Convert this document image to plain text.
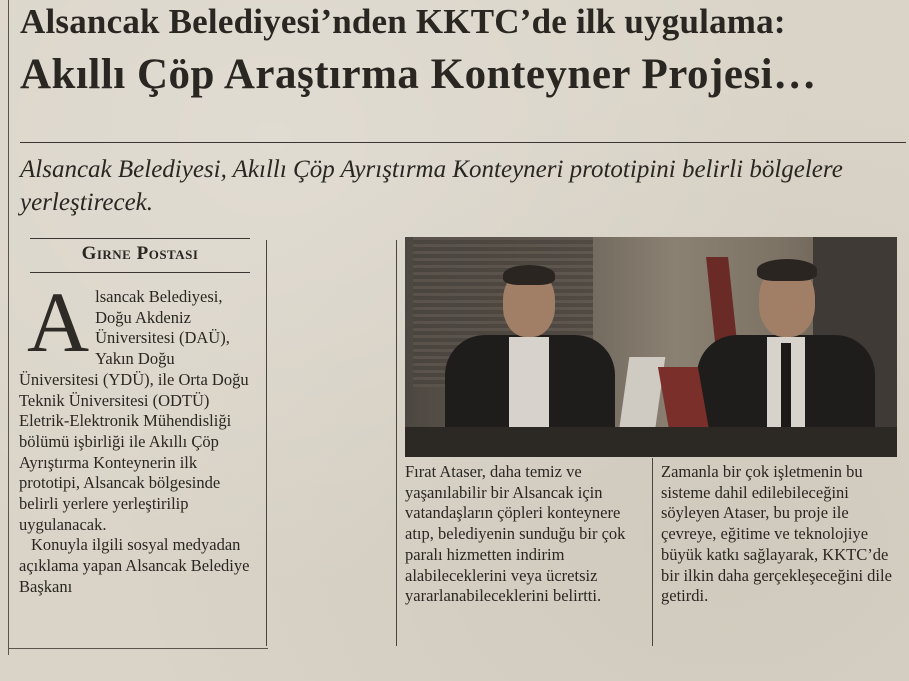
Alsancak Belediyesi’nden KKTC’de ilk uygulama:
Akıllı Çöp Araştırma Konteyner Projesi…

Alsancak Belediyesi, Akıllı Çöp Ayrıştırma Konteyneri prototipini belirli bölgelere yerleştirecek.

Girne Postası

Alsancak Belediyesi, Doğu Akdeniz Üniversitesi (DAÜ), Yakın Doğu Üniversitesi (YDÜ), ile Orta Doğu Teknik Üniversitesi (ODTÜ) Eletrik-Elektronik Mühendisliği bölümü işbirliği ile Akıllı Çöp Ayrıştırma Konteynerin ilk prototipi, Alsancak bölgesinde belirli yerlere yerleştirilip uygulanacak.

Konuyla ilgili sosyal medyadan açıklama yapan Alsancak Belediye Başkanı

Fırat Ataser, daha temiz ve yaşanılabilir bir Alsancak için vatandaşların çöpleri konteynere atıp, belediyenin sunduğu bir çok paralı hizmetten indirim alabileceklerini veya ücretsiz yararlanabileceklerini belirtti.

Zamanla bir çok işletmenin bu sisteme dahil edilebileceğini söyleyen Ataser, bu proje ile çevreye, eğitime ve teknolojiye büyük katkı sağlayarak, KKTC’de bir ilkin daha gerçekleşeceğini dile getirdi.
